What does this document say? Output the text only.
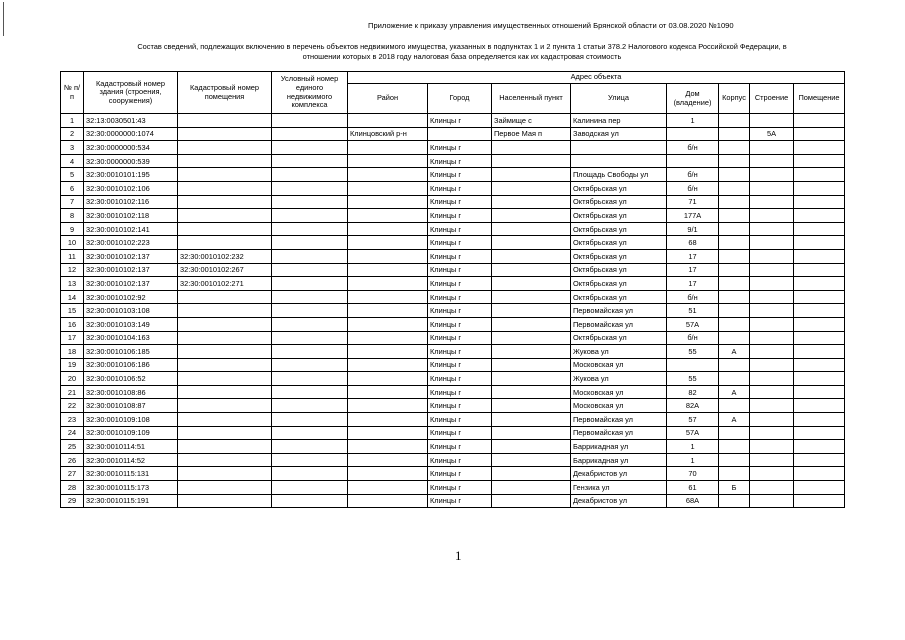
Приложение к приказу управления имущественных отношений Брянской области от 03.08.2020 №1090
Состав сведений, подлежащих включению в перечень объектов недвижимого имущества, указанных в подпунктах 1 и 2 пункта 1 статьи 378.2 Налогового кодекса Российской Федерации, в
отношении которых в 2018 году налоговая база определяется как их кадастровая стоимость
№ п/п	Кадастровый номер здания (строения, сооружения)	Кадастровый номер помещения	Условный номер единого недвижимого комплекса	Адрес объекта							
				Район	Город	Населенный пункт	Улица	Дом (владение)	Корпус	Строение	Помещение
1	32:13:0030501:43				Клинцы г	Займище с	Калинина пер	1			
2	32:30:0000000:1074			Клинцовский р-н		Первое Мая п	Заводская ул			5А	
3	32:30:0000000:534				Клинцы г			б/н			
4	32:30:0000000:539				Клинцы г						
5	32:30:0010101:195				Клинцы г		Площадь Свободы ул	б/н			
6	32:30:0010102:106				Клинцы г		Октябрьская ул	б/н			
7	32:30:0010102:116				Клинцы г		Октябрьская ул	71			
8	32:30:0010102:118				Клинцы г		Октябрьская ул	177А			
9	32:30:0010102:141				Клинцы г		Октябрьская ул	9/1			
10	32:30:0010102:223				Клинцы г		Октябрьская ул	68			
11	32:30:0010102:137	32:30:0010102:232			Клинцы г		Октябрьская ул	17			
12	32:30:0010102:137	32:30:0010102:267			Клинцы г		Октябрьская ул	17			
13	32:30:0010102:137	32:30:0010102:271			Клинцы г		Октябрьская ул	17			
14	32:30:0010102:92				Клинцы г		Октябрьская ул	б/н			
15	32:30:0010103:108				Клинцы г		Первомайская ул	51			
16	32:30:0010103:149				Клинцы г		Первомайская ул	57А			
17	32:30:0010104:163				Клинцы г		Октябрьская ул	б/н			
18	32:30:0010106:185				Клинцы г		Жукова ул	55	А		
19	32:30:0010106:186				Клинцы г		Московская ул				
20	32:30:0010106:52				Клинцы г		Жукова ул	55			
21	32:30:0010108:86				Клинцы г		Московская ул	82	А		
22	32:30:0010108:87				Клинцы г		Московская ул	82А			
23	32:30:0010109:108				Клинцы г		Первомайская ул	57	А		
24	32:30:0010109:109				Клинцы г		Первомайская ул	57А			
25	32:30:0010114:51				Клинцы г		Баррикадная ул	1			
26	32:30:0010114:52				Клинцы г		Баррикадная ул	1			
27	32:30:0010115:131				Клинцы г		Декабристов ул	70			
28	32:30:0010115:173				Клинцы г		Гензика ул	61	Б		
29	32:30:0010115:191				Клинцы г		Декабристов ул	68А			
1
